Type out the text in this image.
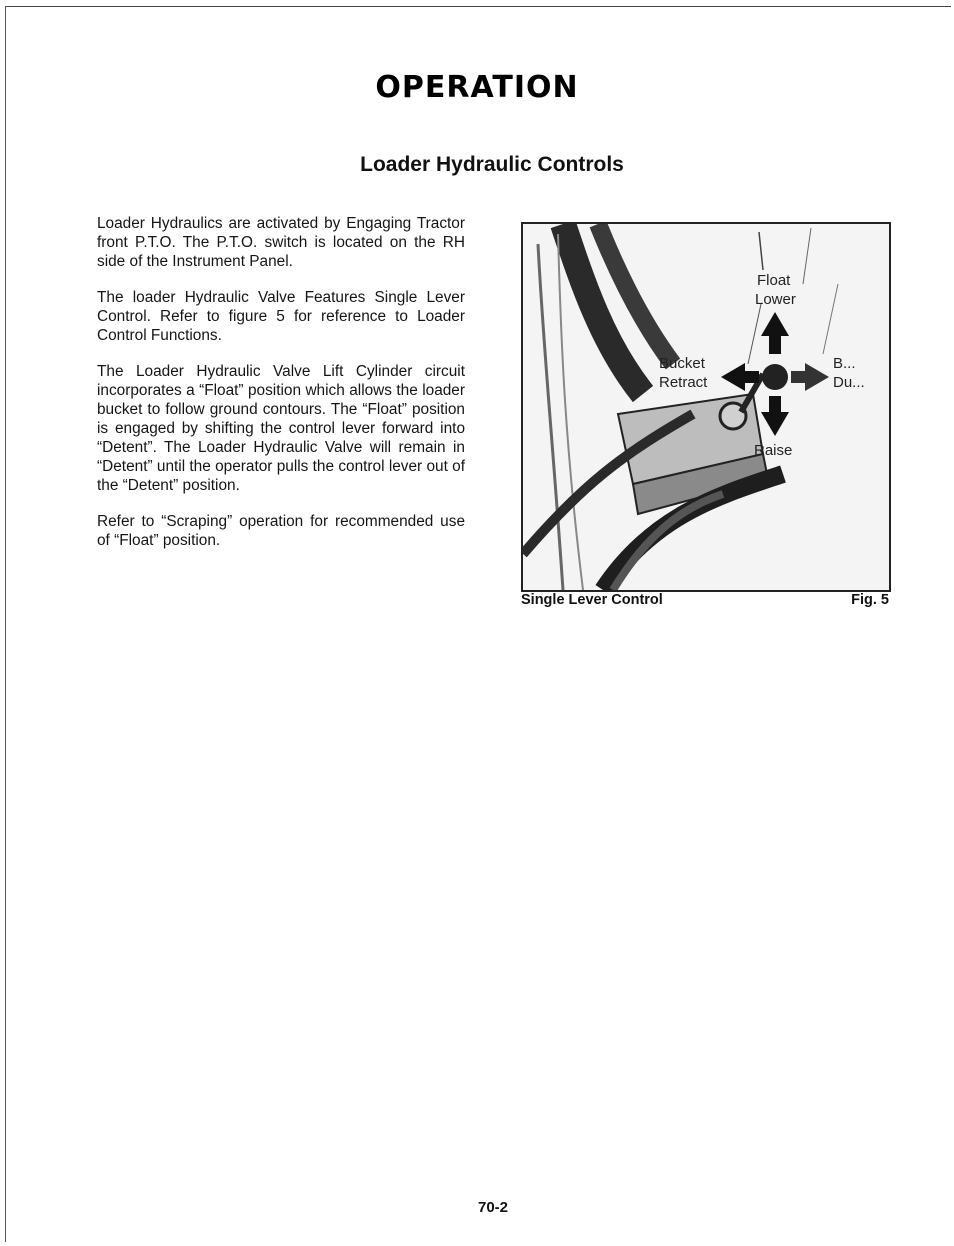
OPERATION
Loader Hydraulic Controls

Loader Hydraulics are activated by Engaging Tractor front P.T.O. The P.T.O. switch is located on the RH side of the Instrument Panel.

The loader Hydraulic Valve Features Single Lever Control. Refer to figure 5 for reference to Loader Control Functions.

The Loader Hydraulic Valve Lift Cylinder circuit incorporates a “Float” position which allows the loader bucket to follow ground contours. The “Float” position is engaged by shifting the control lever forward into “Detent”. The Loader Hydraulic Valve will remain in “Detent” until the operator pulls the control lever out of the “Detent” position.

Refer to “Scraping” operation for recommended use of “Float” position.

Float
Lower
Bucket
Retract
Raise
B...
Du...
Single Lever Control	Fig. 5
70-2
